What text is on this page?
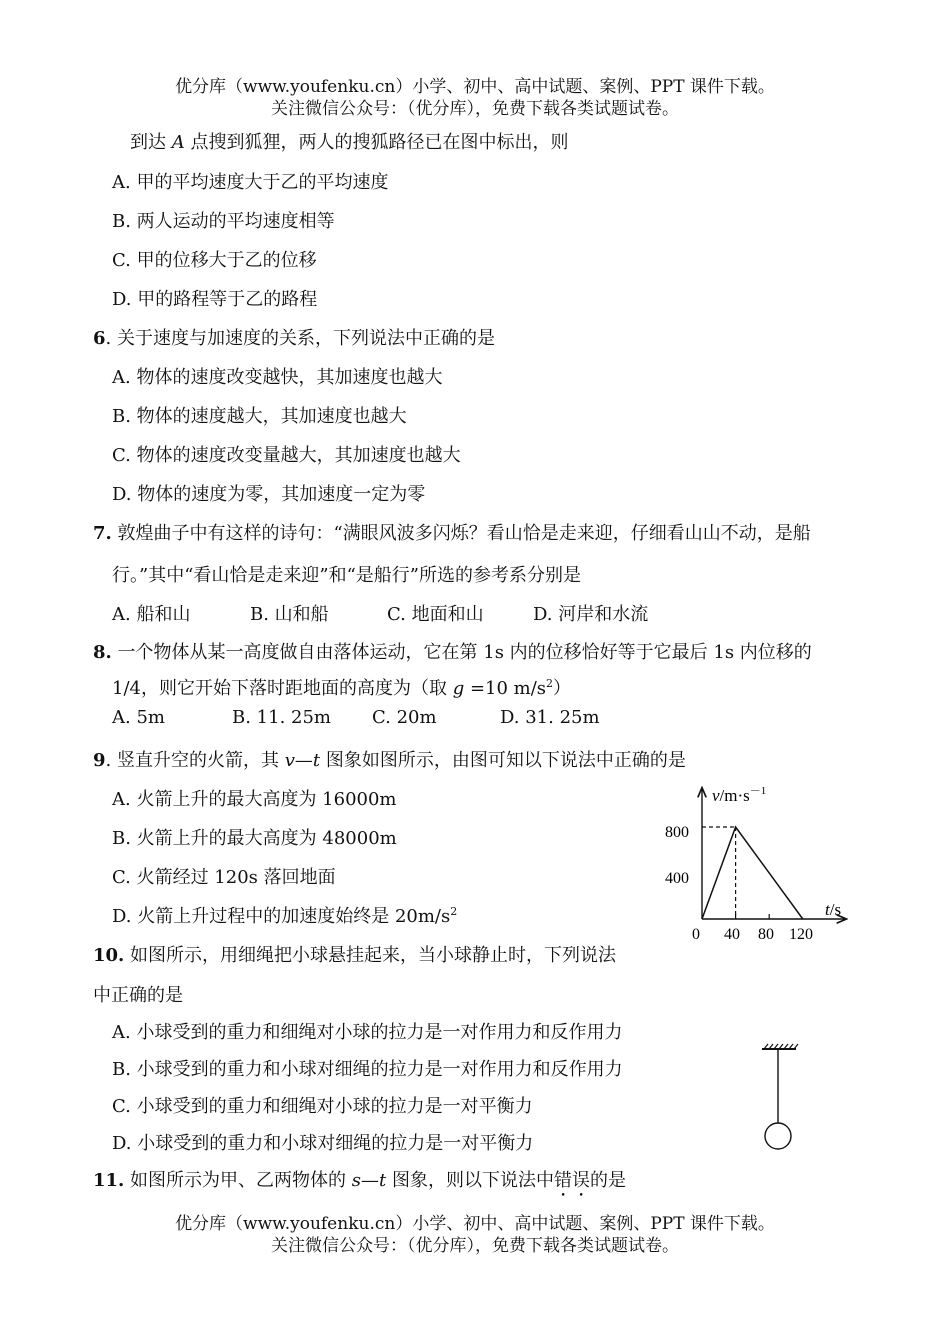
优分库（www.youfenku.cn）小学、初中、高中试题、案例、PPT 课件下载。
关注微信公众号：（优分库），免费下载各类试题试卷。
到达 A 点搜到狐狸，两人的搜狐路径已在图中标出，则
A. 甲的平均速度大于乙的平均速度
B. 两人运动的平均速度相等
C. 甲的位移大于乙的位移
D. 甲的路程等于乙的路程
6. 关于速度与加速度的关系，下列说法中正确的是
A. 物体的速度改变越快，其加速度也越大
B. 物体的速度越大，其加速度也越大
C. 物体的速度改变量越大，其加速度也越大
D. 物体的速度为零，其加速度一定为零
7. 敦煌曲子中有这样的诗句：“满眼风波多闪烁？看山恰是走来迎，仔细看山山不动，是船
行。”其中“看山恰是走来迎”和“是船行”所选的参考系分别是
A. 船和山	B. 山和船	C. 地面和山	D. 河岸和水流
8. 一个物体从某一高度做自由落体运动，它在第 1s 内的位移恰好等于它最后 1s 内位移的
1/4，则它开始下落时距地面的高度为（取 g =10 $m/s^2$）
A. 5m	B. 11. 25m C. 20m	D. 31. 25m
9. 竖直升空的火箭，其 v—t 图象如图所示，由图可知以下说法中正确的是
A. 火箭上升的最大高度为 16000m
B. 火箭上升的最大高度为 48000m
C. 火箭经过 120s 落回地面
D. 火箭上升过程中的加速度始终是 $20m/s^2$
$v/m\cdot s^{-1}$
t/s
800
400
0 40 80 120
10. 如图所示，用细绳把小球悬挂起来，当小球静止时，下列说法
中正确的是
A. 小球受到的重力和细绳对小球的拉力是一对作用力和反作用力
B. 小球受到的重力和小球对细绳的拉力是一对作用力和反作用力
C. 小球受到的重力和细绳对小球的拉力是一对平衡力
D. 小球受到的重力和小球对细绳的拉力是一对平衡力
11. 如图所示为甲、乙两物体的 s—t 图象，则以下说法中错误的是
优分库（www.youfenku.cn）小学、初中、高中试题、案例、PPT 课件下载。
关注微信公众号：（优分库），免费下载各类试题试卷。
